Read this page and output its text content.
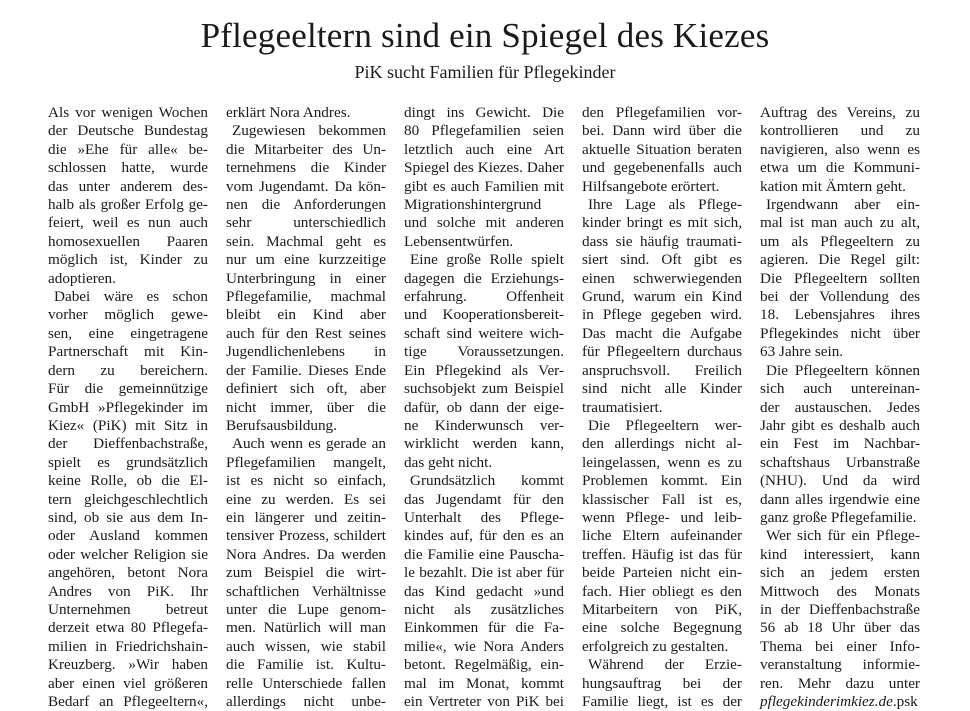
Pflegeeltern sind ein Spiegel des Kiezes
PiK sucht Familien für Pflegekinder

Als vor wenigen Wochen

der Deutsche Bundestag

die »Ehe für alle« be-

schlossen hatte, wurde

das unter anderem des-

halb als großer Erfolg ge-

feiert, weil es nun auch

homosexuellen Paaren

möglich ist, Kinder zu

adoptieren.

Dabei wäre es schon

vorher möglich gewe-

sen, eine eingetragene

Partnerschaft mit Kin-

dern zu bereichern.

Für die gemeinnützige

GmbH »Pflegekinder im

Kiez« (PiK) mit Sitz in

der Dieffenbachstraße,

spielt es grundsätzlich

keine Rolle, ob die El-

tern gleichgeschlechtlich

sind, ob sie aus dem In-

oder Ausland kommen

oder welcher Religion sie

angehören, betont Nora

Andres von PiK. Ihr

Unternehmen betreut

derzeit etwa 80 Pflegefa-

milien in Friedrichshain-

Kreuzberg. »Wir haben

aber einen viel größeren

Bedarf an Pflegeeltern«,

erklärt Nora Andres.

Zugewiesen bekommen

die Mitarbeiter des Un-

ternehmens die Kinder

vom Jugendamt. Da kön-

nen die Anforderungen

sehr unterschiedlich

sein. Machmal geht es

nur um eine kurzzeitige

Unterbringung in einer

Pflegefamilie, machmal

bleibt ein Kind aber

auch für den Rest seines

Jugendlichenlebens in

der Familie. Dieses Ende

definiert sich oft, aber

nicht immer, über die

Berufsausbildung.

Auch wenn es gerade an

Pflegefamilien mangelt,

ist es nicht so einfach,

eine zu werden. Es sei

ein längerer und zeitin-

tensiver Prozess, schildert

Nora Andres. Da werden

zum Beispiel die wirt-

schaftlichen Verhältnisse

unter die Lupe genom-

men. Natürlich will man

auch wissen, wie stabil

die Familie ist. Kultu-

relle Unterschiede fallen

allerdings nicht unbe-

dingt ins Gewicht. Die

80 Pflegefamilien seien

letztlich auch eine Art

Spiegel des Kiezes. Daher

gibt es auch Familien mit

Migrationshintergrund

und solche mit anderen

Lebensentwürfen.

Eine große Rolle spielt

dagegen die Erziehungs-

erfahrung. Offenheit

und Kooperationsbereit-

schaft sind weitere wich-

tige Voraussetzungen.

Ein Pflegekind als Ver-

suchsobjekt zum Beispiel

dafür, ob dann der eige-

ne Kinderwunsch ver-

wirklicht werden kann,

das geht nicht.

Grundsätzlich kommt

das Jugendamt für den

Unterhalt des Pflege-

kindes auf, für den es an

die Familie eine Pauscha-

le bezahlt. Die ist aber für

das Kind gedacht »und

nicht als zusätzliches

Einkommen für die Fa-

milie«, wie Nora Anders

betont. Regelmäßig, ein-

mal im Monat, kommt

ein Vertreter von PiK bei

den Pflegefamilien vor-

bei. Dann wird über die

aktuelle Situation beraten

und gegebenenfalls auch

Hilfsangebote erörtert.

Ihre Lage als Pflege-

kinder bringt es mit sich,

dass sie häufig traumati-

siert sind. Oft gibt es

einen schwerwiegenden

Grund, warum ein Kind

in Pflege gegeben wird.

Das macht die Aufgabe

für Pflegeeltern durchaus

anspruchsvoll. Freilich

sind nicht alle Kinder

traumatisiert.

Die Pflegeeltern wer-

den allerdings nicht al-

leingelassen, wenn es zu

Problemen kommt. Ein

klassischer Fall ist es,

wenn Pflege- und leib-

liche Eltern aufeinander

treffen. Häufig ist das für

beide Parteien nicht ein-

fach. Hier obliegt es den

Mitarbeitern von PiK,

eine solche Begegnung

erfolgreich zu gestalten.

Während der Erzie-

hungsauftrag bei der

Familie liegt, ist es der

Auftrag des Vereins, zu

kontrollieren und zu

navigieren, also wenn es

etwa um die Kommuni-

kation mit Ämtern geht.

Irgendwann aber ein-

mal ist man auch zu alt,

um als Pflegeeltern zu

agieren. Die Regel gilt:

Die Pflegeeltern sollten

bei der Vollendung des

18. Lebensjahres ihres

Pflegekindes nicht über

63 Jahre sein.

Die Pflegeeltern können

sich auch untereinan-

der austauschen. Jedes

Jahr gibt es deshalb auch

ein Fest im Nachbar-

schaftshaus Urbanstraße

(NHU). Und da wird

dann alles irgendwie eine

ganz große Pflegefamilie.

Wer sich für ein Pflege-

kind interessiert, kann

sich an jedem ersten

Mittwoch des Monats

in der Dieffenbachstraße

56 ab 18 Uhr über das

Thema bei einer Info-

veranstaltung informie-

ren. Mehr dazu unter

pflegekinderimkiez.de.psk
